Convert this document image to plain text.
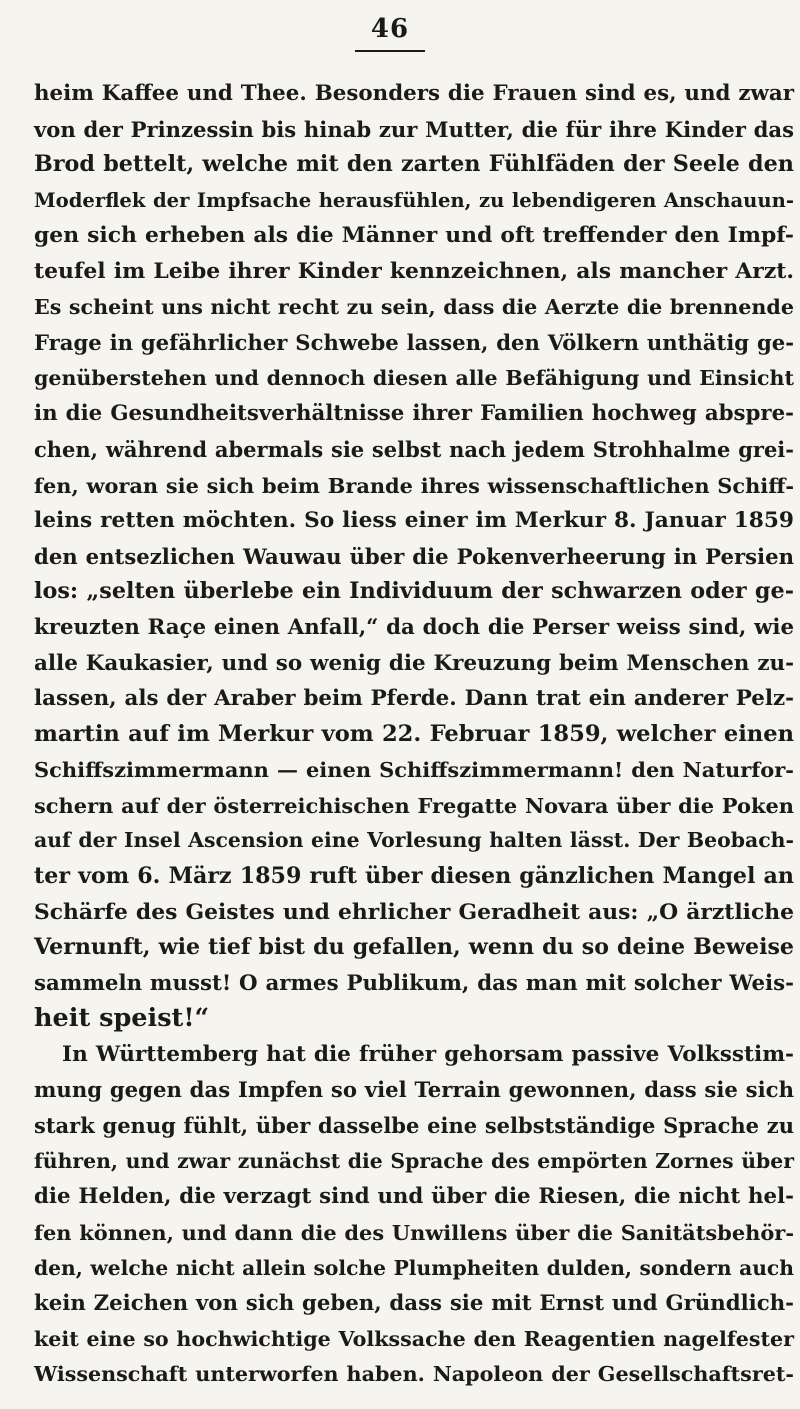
46
heim Kaffee und Thee. Besonders die Frauen sind es, und zwar
von der Prinzessin bis hinab zur Mutter, die für ihre Kinder das
Brod bettelt, welche mit den zarten Fühlfäden der Seele den
Moderflek der Impfsache herausfühlen, zu lebendigeren Anschauun-
gen sich erheben als die Männer und oft treffender den Impf-
teufel im Leibe ihrer Kinder kennzeichnen, als mancher Arzt.
Es scheint uns nicht recht zu sein, dass die Aerzte die brennende
Frage in gefährlicher Schwebe lassen, den Völkern unthätig ge-
genüberstehen und dennoch diesen alle Befähigung und Einsicht
in die Gesundheitsverhältnisse ihrer Familien hochweg abspre-
chen, während abermals sie selbst nach jedem Strohhalme grei-
fen, woran sie sich beim Brande ihres wissenschaftlichen Schiff-
leins retten möchten. So liess einer im Merkur 8. Januar 1859
den entsezlichen Wauwau über die Pokenverheerung in Persien
los: „selten überlebe ein Individuum der schwarzen oder ge-
kreuzten Raçe einen Anfall,“ da doch die Perser weiss sind, wie
alle Kaukasier, und so wenig die Kreuzung beim Menschen zu-
lassen, als der Araber beim Pferde. Dann trat ein anderer Pelz-
martin auf im Merkur vom 22. Februar 1859, welcher einen
Schiffszimmermann — einen Schiffszimmermann! den Naturfor-
schern auf der österreichischen Fregatte Novara über die Poken
auf der Insel Ascension eine Vorlesung halten lässt. Der Beobach-
ter vom 6. März 1859 ruft über diesen gänzlichen Mangel an
Schärfe des Geistes und ehrlicher Geradheit aus: „O ärztliche
Vernunft, wie tief bist du gefallen, wenn du so deine Beweise
sammeln musst! O armes Publikum, das man mit solcher Weis-
heit speist!“
In Württemberg hat die früher gehorsam passive Volksstim-
mung gegen das Impfen so viel Terrain gewonnen, dass sie sich
stark genug fühlt, über dasselbe eine selbstständige Sprache zu
führen, und zwar zunächst die Sprache des empörten Zornes über
die Helden, die verzagt sind und über die Riesen, die nicht hel-
fen können, und dann die des Unwillens über die Sanitätsbehör-
den, welche nicht allein solche Plumpheiten dulden, sondern auch
kein Zeichen von sich geben, dass sie mit Ernst und Gründlich-
keit eine so hochwichtige Volkssache den Reagentien nagelfester
Wissenschaft unterworfen haben. Napoleon der Gesellschaftsret-
